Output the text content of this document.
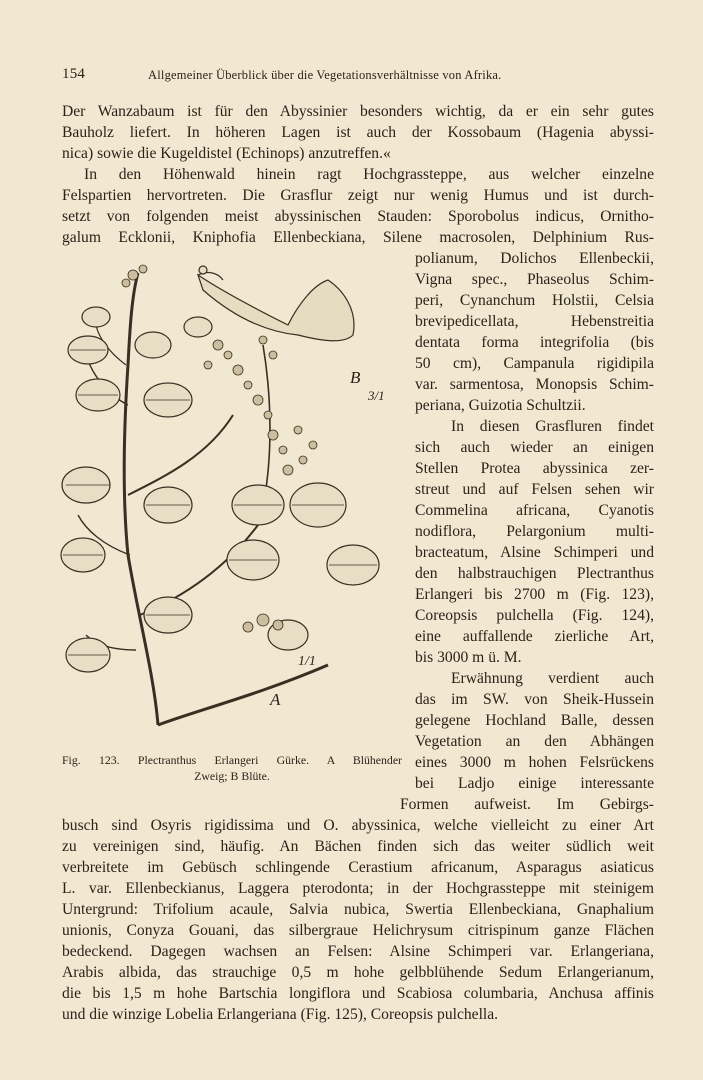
154	Allgemeiner Überblick über die Vegetationsverhältnisse von Afrika.
Der Wanzabaum ist für den Abyssinier besonders wichtig, da er ein sehr gutes
Bauholz liefert. In höheren Lagen ist auch der Kossobaum (Hagenia abyssi-
nica) sowie die Kugeldistel (Echinops) anzutreffen.«
In den Höhenwald hinein ragt Hochgrassteppe, aus welcher einzelne
Felspartien hervortreten. Die Grasflur zeigt nur wenig Humus und ist durch-
setzt von folgenden meist abyssinischen Stauden: Sporobolus indicus, Ornitho-
galum Ecklonii, Kniphofia Ellenbeckiana, Silene macrosolen, Delphinium Rus-
polianum, Dolichos Ellenbeckii,
Vigna spec., Phaseolus Schim-
peri, Cynanchum Holstii, Celsia
brevipedicellata, Hebenstreitia
dentata forma integrifolia (bis
50 cm), Campanula rigidipila
var. sarmentosa, Monopsis Schim-
periana, Guizotia Schultzii.
In diesen Grasfluren findet
sich auch wieder an einigen
Stellen Protea abyssinica zer-
streut und auf Felsen sehen wir
Commelina africana, Cyanotis
nodiflora, Pelargonium multi-
bracteatum, Alsine Schimperi und
den halbstrauchigen Plectranthus
Erlangeri bis 2700 m (Fig. 123),
Coreopsis pulchella (Fig. 124),
eine auffallende zierliche Art,
bis 3000 m ü. M.
Erwähnung verdient auch
das im SW. von Sheik-Hussein
gelegene Hochland Balle, dessen
Vegetation an den Abhängen
eines 3000 m hohen Felsrückens
bei Ladjo einige interessante
Formen aufweist. Im Gebirgs-
busch sind Osyris rigidissima und O. abyssinica, welche vielleicht zu einer Art
zu vereinigen sind, häufig. An Bächen finden sich das weiter südlich weit
verbreitete im Gebüsch schlingende Cerastium africanum, Asparagus asiaticus
L. var. Ellenbeckianus, Laggera pterodonta; in der Hochgrassteppe mit steinigem
Untergrund: Trifolium acaule, Salvia nubica, Swertia Ellenbeckiana, Gnaphalium
unionis, Conyza Gouani, das silbergraue Helichrysum citrispinum ganze Flächen
bedeckend. Dagegen wachsen an Felsen: Alsine Schimperi var. Erlangeriana,
Arabis albida, das strauchige 0,5 m hohe gelbblühende Sedum Erlangerianum,
die bis 1,5 m hohe Bartschia longiflora und Scabiosa columbaria, Anchusa affinis
und die winzige Lobelia Erlangeriana (Fig. 125), Coreopsis pulchella.
A
B
1/1
3/1
Fig. 123. Plectranthus Erlangeri Gürke. A Blühender
Zweig; B Blüte.
